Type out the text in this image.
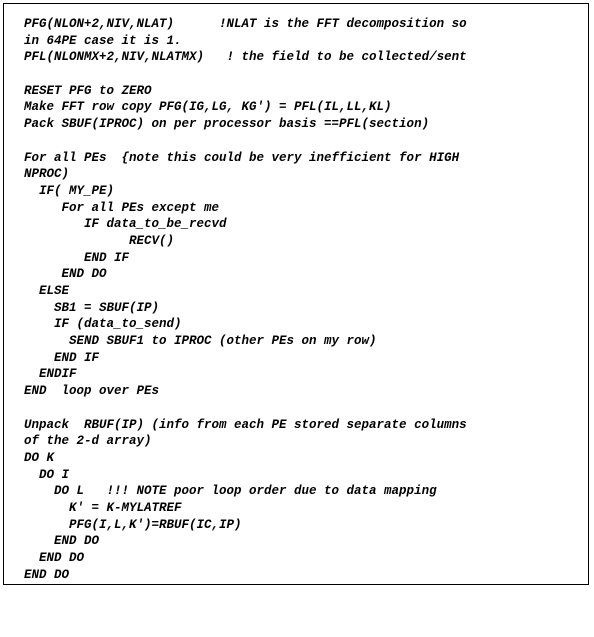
PFG(NLON+2,NIV,NLAT)      !NLAT is the FFT decomposition so
in 64PE case it is 1.
PFL(NLONMX+2,NIV,NLATMX)   ! the field to be collected/sent
RESET PFG to ZERO
Make FFT row copy PFG(IG,LG, KG') = PFL(IL,LL,KL)
Pack SBUF(IPROC) on per processor basis ==PFL(section)
For all PEs  {note this could be very inefficient for HIGH
NPROC)
IF( MY_PE)
For all PEs except me
IF data_to_be_recvd
RECV()
END IF
END DO
ELSE
SB1 = SBUF(IP)
IF (data_to_send)
SEND SBUF1 to IPROC (other PEs on my row)
END IF
ENDIF
END  loop over PEs
Unpack  RBUF(IP) (info from each PE stored separate columns
of the 2-d array)
DO K
DO I
DO L   !!! NOTE poor loop order due to data mapping
K' = K-MYLATREF
PFG(I,L,K')=RBUF(IC,IP)
END DO
END DO
END DO
